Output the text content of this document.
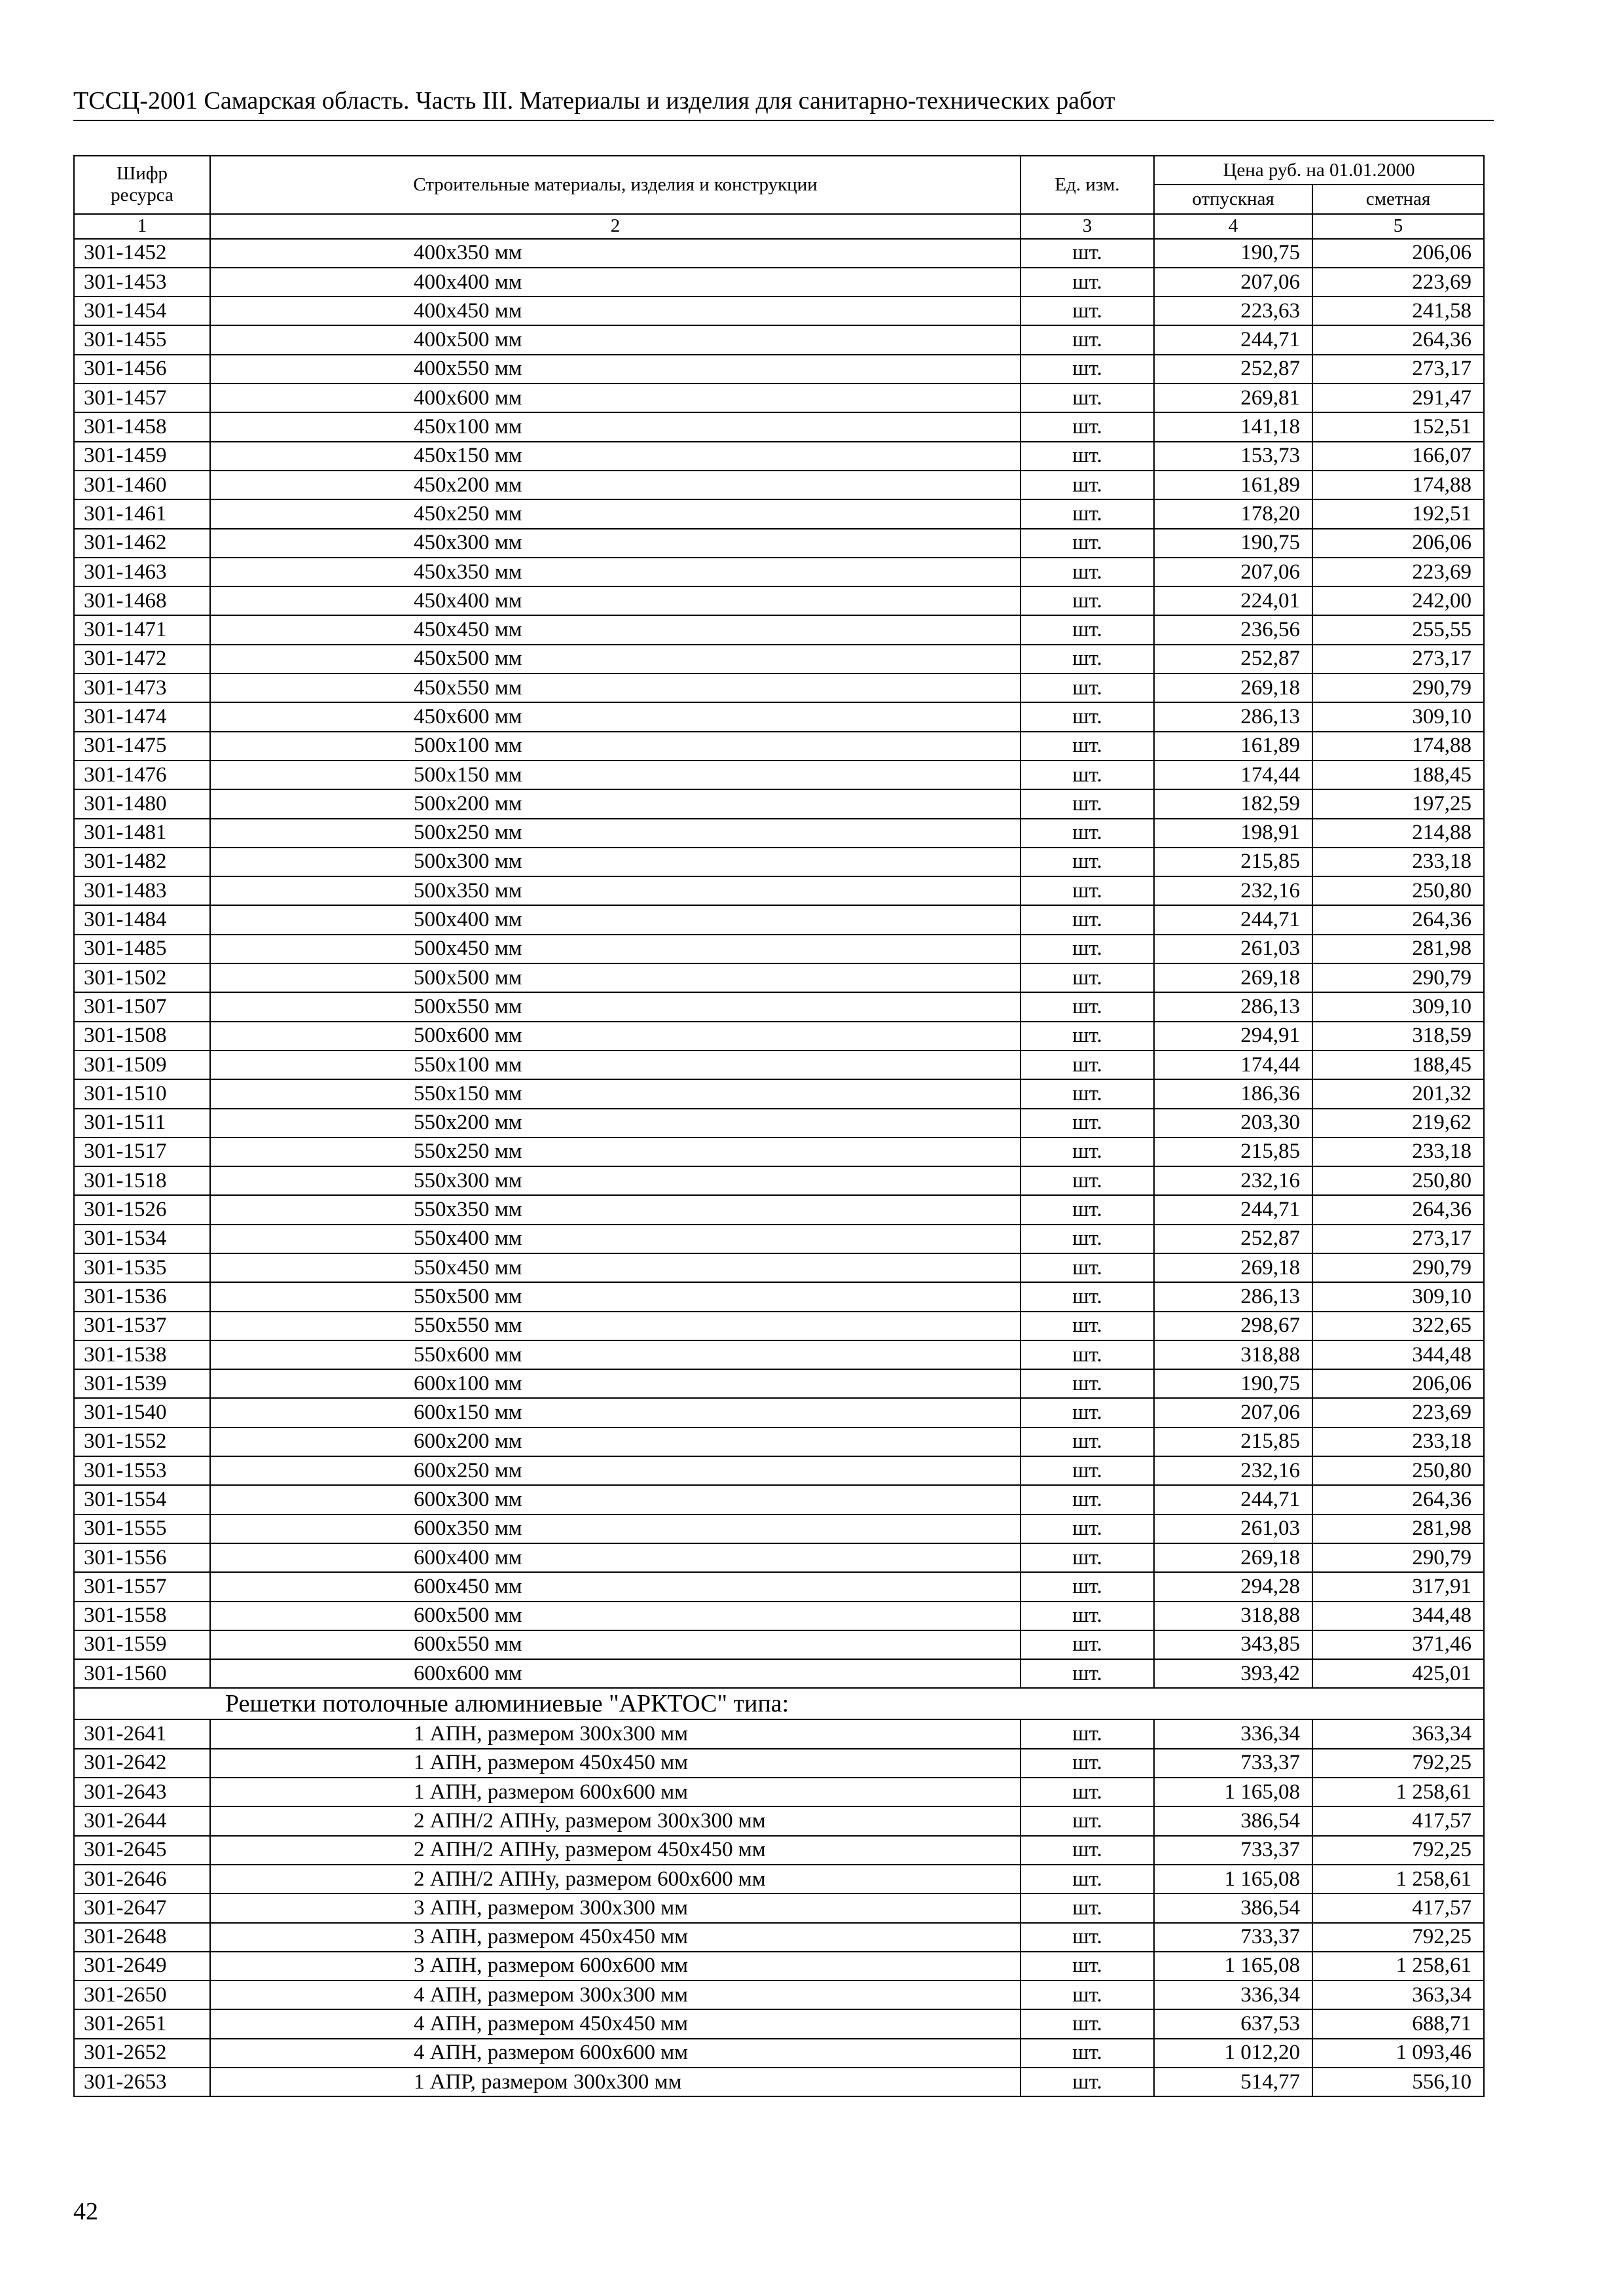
ТССЦ-2001 Самарская область. Часть III. Материалы и изделия для санитарно-технических работ
Шифр ресурса	Строительные материалы, изделия и конструкции	Ед. изм.	Цена руб. на 01.01.2000	
			отпускная	сметная
1	2	3	4	5
301-1452	400х350 мм	шт.	190,75	206,06
301-1453	400х400 мм	шт.	207,06	223,69
301-1454	400х450 мм	шт.	223,63	241,58
301-1455	400х500 мм	шт.	244,71	264,36
301-1456	400х550 мм	шт.	252,87	273,17
301-1457	400х600 мм	шт.	269,81	291,47
301-1458	450х100 мм	шт.	141,18	152,51
301-1459	450х150 мм	шт.	153,73	166,07
301-1460	450х200 мм	шт.	161,89	174,88
301-1461	450х250 мм	шт.	178,20	192,51
301-1462	450х300 мм	шт.	190,75	206,06
301-1463	450х350 мм	шт.	207,06	223,69
301-1468	450х400 мм	шт.	224,01	242,00
301-1471	450х450 мм	шт.	236,56	255,55
301-1472	450х500 мм	шт.	252,87	273,17
301-1473	450х550 мм	шт.	269,18	290,79
301-1474	450х600 мм	шт.	286,13	309,10
301-1475	500х100 мм	шт.	161,89	174,88
301-1476	500х150 мм	шт.	174,44	188,45
301-1480	500х200 мм	шт.	182,59	197,25
301-1481	500х250 мм	шт.	198,91	214,88
301-1482	500х300 мм	шт.	215,85	233,18
301-1483	500х350 мм	шт.	232,16	250,80
301-1484	500х400 мм	шт.	244,71	264,36
301-1485	500х450 мм	шт.	261,03	281,98
301-1502	500х500 мм	шт.	269,18	290,79
301-1507	500х550 мм	шт.	286,13	309,10
301-1508	500х600 мм	шт.	294,91	318,59
301-1509	550х100 мм	шт.	174,44	188,45
301-1510	550х150 мм	шт.	186,36	201,32
301-1511	550х200 мм	шт.	203,30	219,62
301-1517	550х250 мм	шт.	215,85	233,18
301-1518	550х300 мм	шт.	232,16	250,80
301-1526	550х350 мм	шт.	244,71	264,36
301-1534	550х400 мм	шт.	252,87	273,17
301-1535	550х450 мм	шт.	269,18	290,79
301-1536	550х500 мм	шт.	286,13	309,10
301-1537	550х550 мм	шт.	298,67	322,65
301-1538	550х600 мм	шт.	318,88	344,48
301-1539	600х100 мм	шт.	190,75	206,06
301-1540	600х150 мм	шт.	207,06	223,69
301-1552	600х200 мм	шт.	215,85	233,18
301-1553	600х250 мм	шт.	232,16	250,80
301-1554	600х300 мм	шт.	244,71	264,36
301-1555	600х350 мм	шт.	261,03	281,98
301-1556	600х400 мм	шт.	269,18	290,79
301-1557	600х450 мм	шт.	294,28	317,91
301-1558	600х500 мм	шт.	318,88	344,48
301-1559	600х550 мм	шт.	343,85	371,46
301-1560	600х600 мм	шт.	393,42	425,01
Решетки потолочные алюминиевые "АРКТОС" типа:				
301-2641	1 АПН, размером 300х300 мм	шт.	336,34	363,34
301-2642	1 АПН, размером 450х450 мм	шт.	733,37	792,25
301-2643	1 АПН, размером 600х600 мм	шт.	1 165,08	1 258,61
301-2644	2 АПН/2 АПНу, размером 300х300 мм	шт.	386,54	417,57
301-2645	2 АПН/2 АПНу, размером 450х450 мм	шт.	733,37	792,25
301-2646	2 АПН/2 АПНу, размером 600х600 мм	шт.	1 165,08	1 258,61
301-2647	3 АПН, размером 300х300 мм	шт.	386,54	417,57
301-2648	3 АПН, размером 450х450 мм	шт.	733,37	792,25
301-2649	3 АПН, размером 600х600 мм	шт.	1 165,08	1 258,61
301-2650	4 АПН, размером 300х300 мм	шт.	336,34	363,34
301-2651	4 АПН, размером 450х450 мм	шт.	637,53	688,71
301-2652	4 АПН, размером 600х600 мм	шт.	1 012,20	1 093,46
301-2653	1 АПР, размером 300х300 мм	шт.	514,77	556,10
42
